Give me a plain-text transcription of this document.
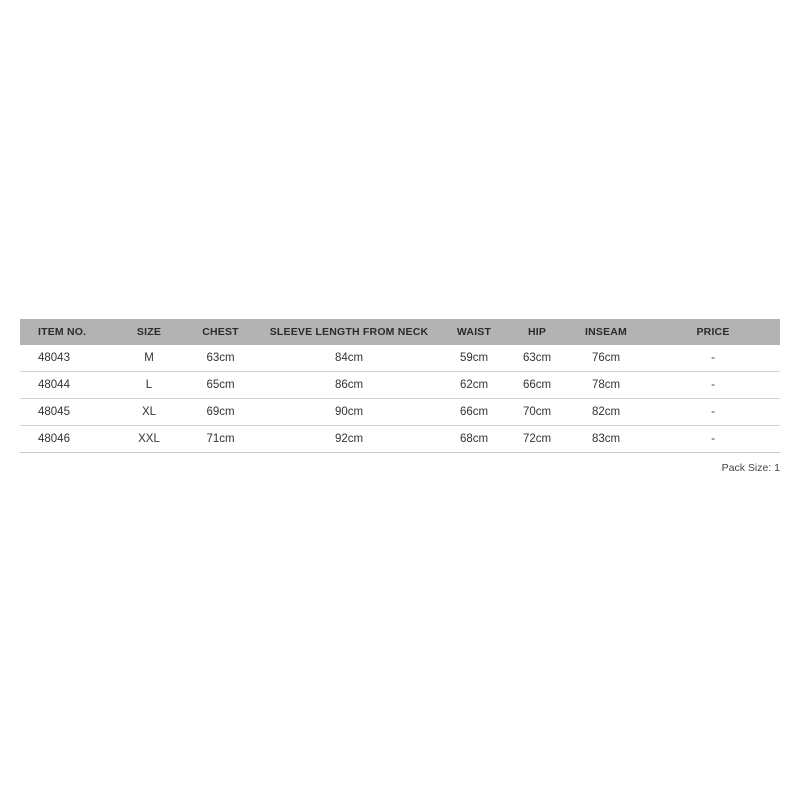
ITEM NO.	SIZE	CHEST	SLEEVE LENGTH FROM NECK	WAIST	HIP	INSEAM	PRICE
48043	M	63cm	84cm	59cm	63cm	76cm	-
48044	L	65cm	86cm	62cm	66cm	78cm	-
48045	XL	69cm	90cm	66cm	70cm	82cm	-
48046	XXL	71cm	92cm	68cm	72cm	83cm	-
Pack Size: 1
